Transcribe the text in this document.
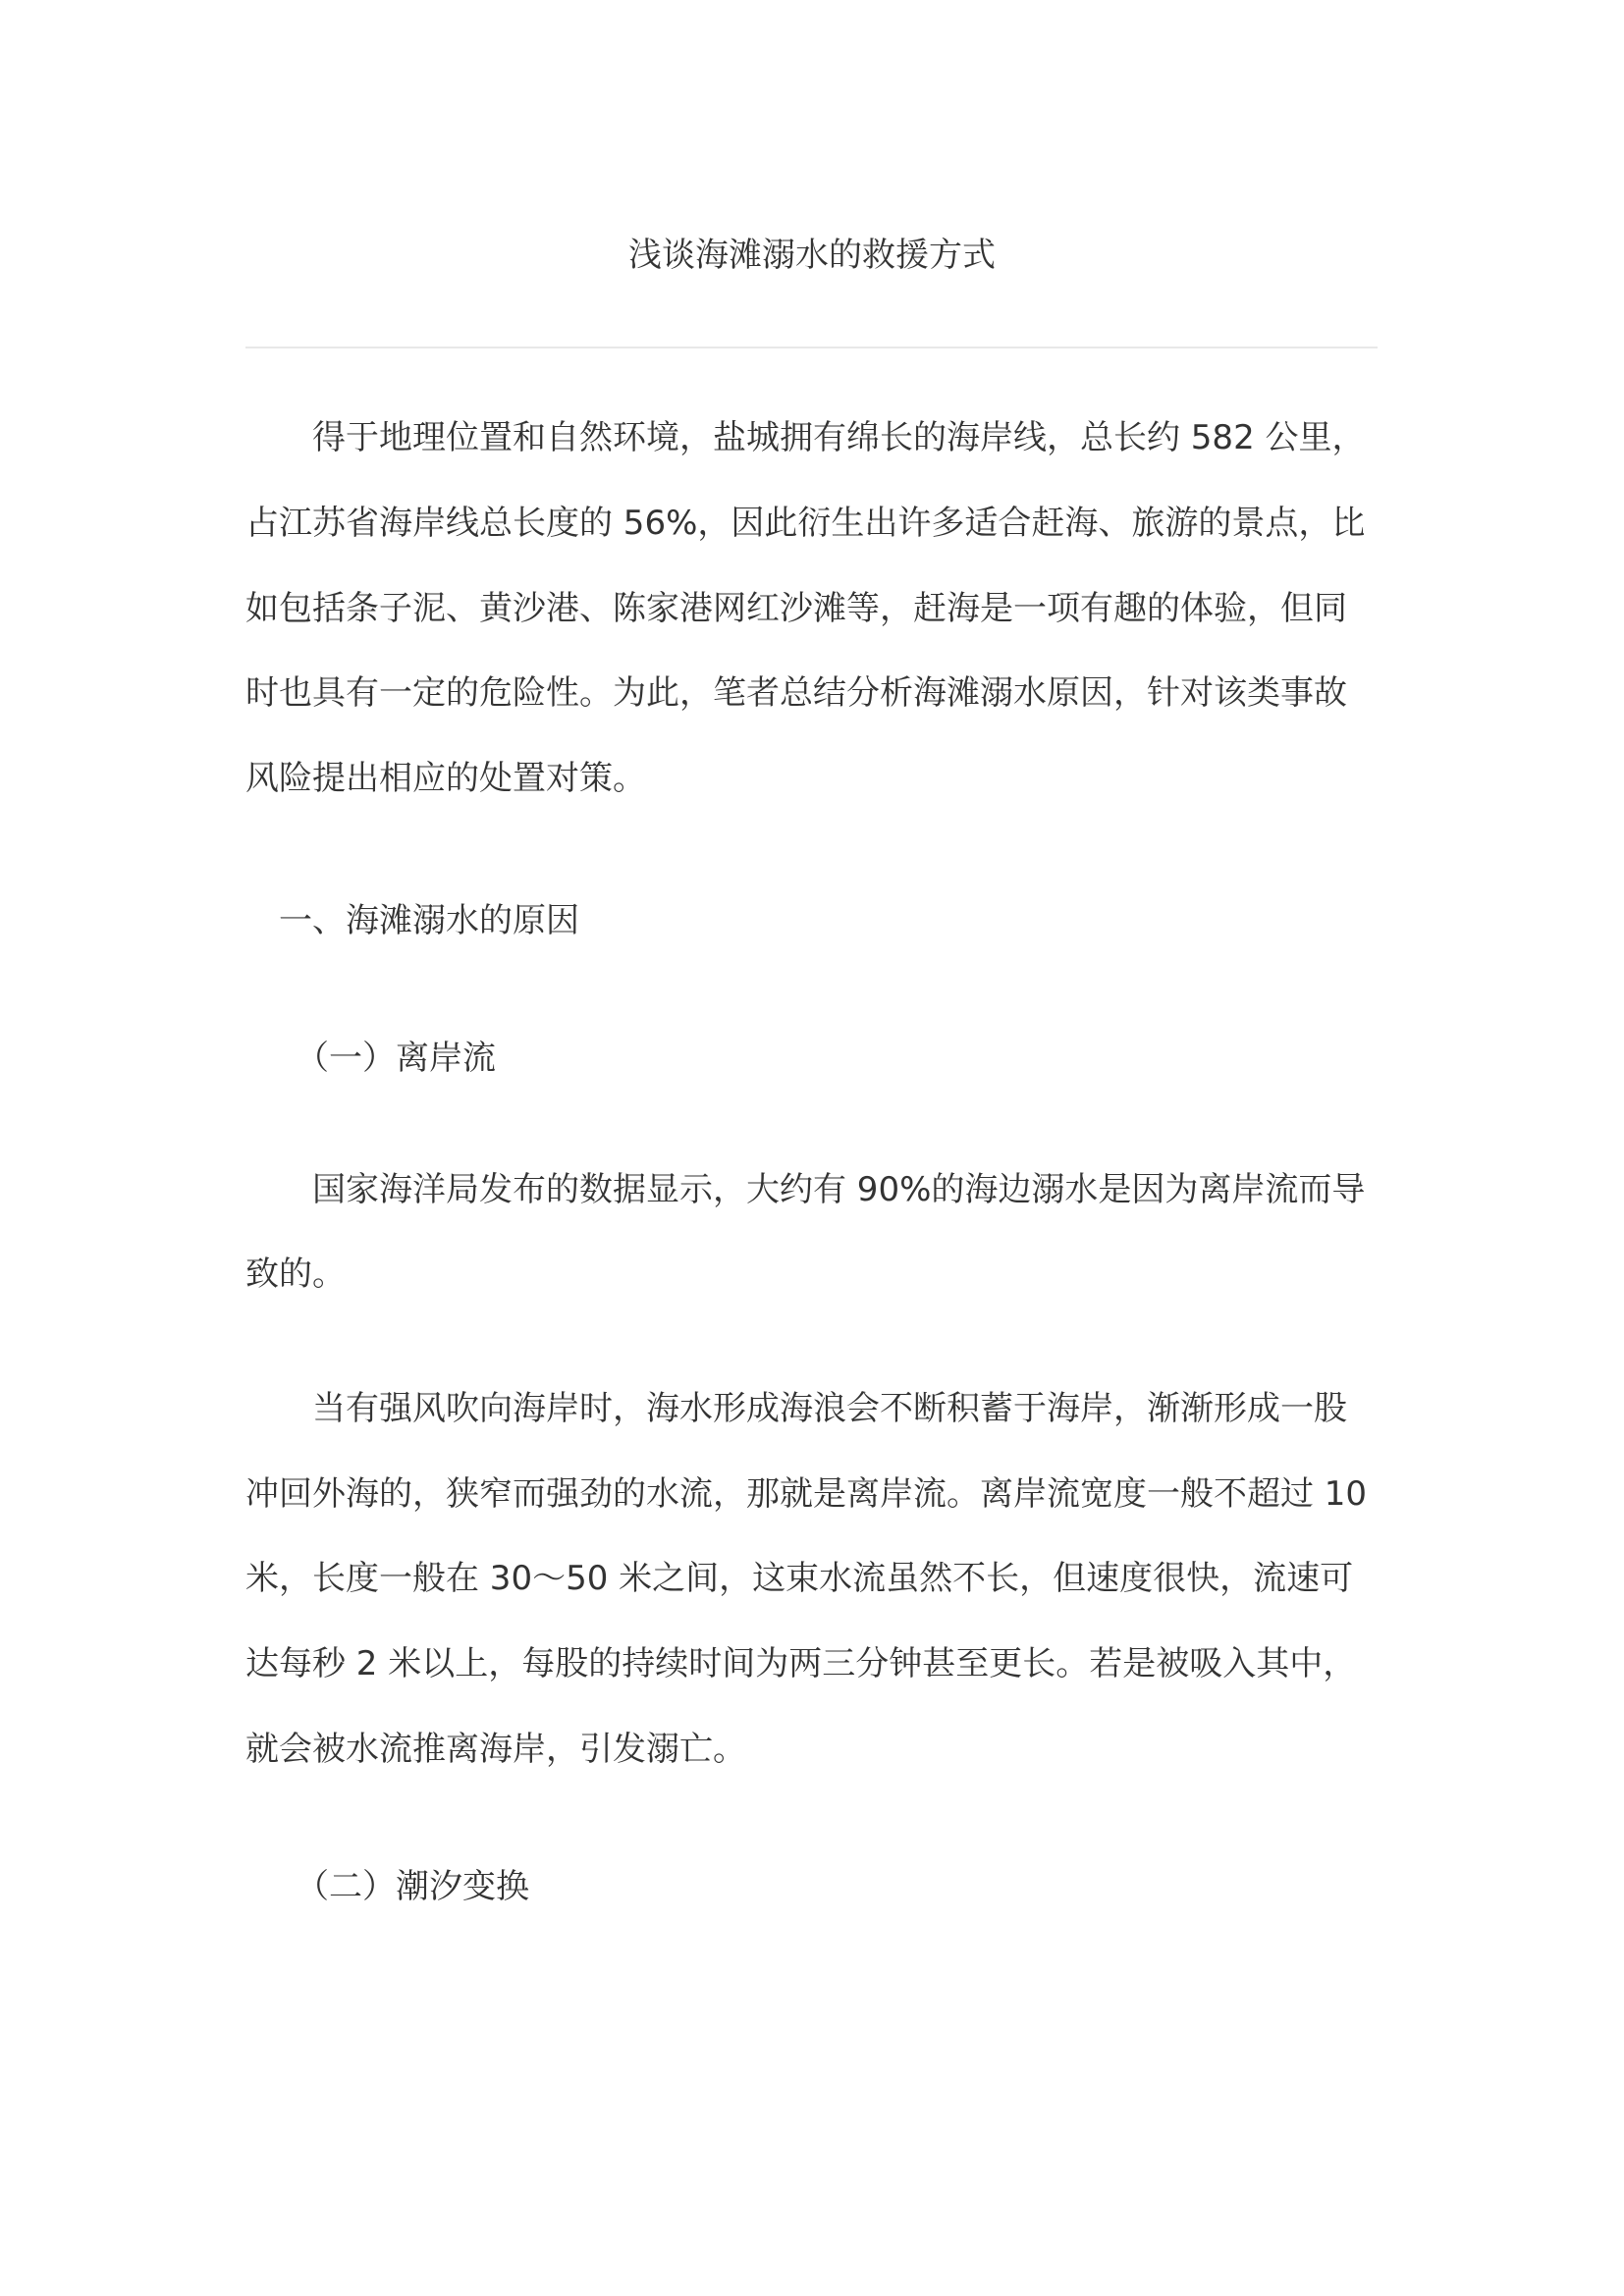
浅谈海滩溺水的救援方式
　　得于地理位置和自然环境，盐城拥有绵长的海岸线，总长约 582 公里，
占江苏省海岸线总长度的 56%，因此衍生出许多适合赶海、旅游的景点，比
如包括条子泥、黄沙港、陈家港网红沙滩等，赶海是一项有趣的体验，但同
时也具有一定的危险性。为此，笔者总结分析海滩溺水原因，针对该类事故
风险提出相应的处置对策。
　一、海滩溺水的原因
　　（一）离岸流
　　国家海洋局发布的数据显示，大约有 90%的海边溺水是因为离岸流而导
致的。
　　当有强风吹向海岸时，海水形成海浪会不断积蓄于海岸，渐渐形成一股
冲回外海的，狭窄而强劲的水流，那就是离岸流。离岸流宽度一般不超过 10
米，长度一般在 30～50 米之间，这束水流虽然不长，但速度很快，流速可
达每秒 2 米以上，每股的持续时间为两三分钟甚至更长。若是被吸入其中，
就会被水流推离海岸，引发溺亡。
　　（二）潮汐变换
